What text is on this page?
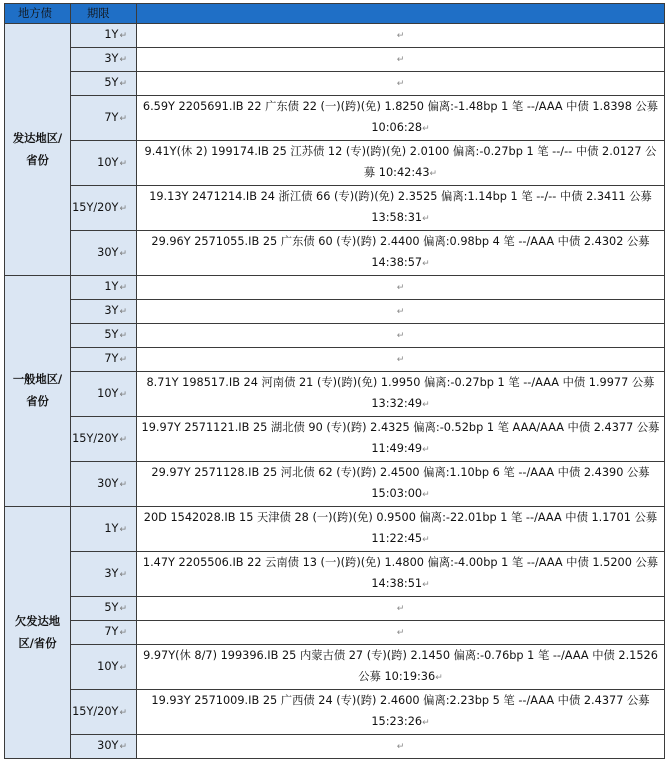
地方债	期限	
发达地区/省份	1Y↵	↵
	3Y↵	↵
	5Y↵	↵
	7Y↵	6.59Y 2205691.IB 22 广东债 22 (一)(跨)(免) 1.8250 偏离:-1.48bp 1 笔 --/AAA 中债 1.8398 公募 10:06:28↵
	10Y↵	9.41Y(休 2) 199174.IB 25 江苏债 12 (专)(跨)(免) 2.0100 偏离:-0.27bp 1 笔 --/-- 中债 2.0127 公募 10:42:43↵
	15Y/20Y↵	19.13Y 2471214.IB 24 浙江债 66 (专)(跨)(免) 2.3525 偏离:1.14bp 1 笔 --/-- 中债 2.3411 公募 13:58:31↵
	30Y↵	29.96Y 2571055.IB 25 广东债 60 (专)(跨) 2.4400 偏离:0.98bp 4 笔 --/AAA 中债 2.4302 公募 14:38:57↵
一般地区/省份	1Y↵	↵
	3Y↵	↵
	5Y↵	↵
	7Y↵	↵
	10Y↵	8.71Y 198517.IB 24 河南债 21 (专)(跨)(免) 1.9950 偏离:-0.27bp 1 笔 --/AAA 中债 1.9977 公募 13:32:49↵
	15Y/20Y↵	19.97Y 2571121.IB 25 湖北债 90 (专)(跨) 2.4325 偏离:-0.52bp 1 笔 AAA/AAA 中债 2.4377 公募 11:49:49↵
	30Y↵	29.97Y 2571128.IB 25 河北债 62 (专)(跨) 2.4500 偏离:1.10bp 6 笔 --/AAA 中债 2.4390 公募 15:03:00↵
欠发达地区/省份	1Y↵	20D 1542028.IB 15 天津债 28 (一)(跨)(免) 0.9500 偏离:-22.01bp 1 笔 --/AAA 中债 1.1701 公募 11:22:45↵
	3Y↵	1.47Y 2205506.IB 22 云南债 13 (一)(跨)(免) 1.4800 偏离:-4.00bp 1 笔 --/AAA 中债 1.5200 公募 14:38:51↵
	5Y↵	↵
	7Y↵	↵
	10Y↵	9.97Y(休 8/7) 199396.IB 25 内蒙古债 27 (专)(跨) 2.1450 偏离:-0.76bp 1 笔 --/AAA 中债 2.1526 公募 10:19:36↵
	15Y/20Y↵	19.93Y 2571009.IB 25 广西债 24 (专)(跨) 2.4600 偏离:2.23bp 5 笔 --/AAA 中债 2.4377 公募 15:23:26↵
	30Y↵	↵
